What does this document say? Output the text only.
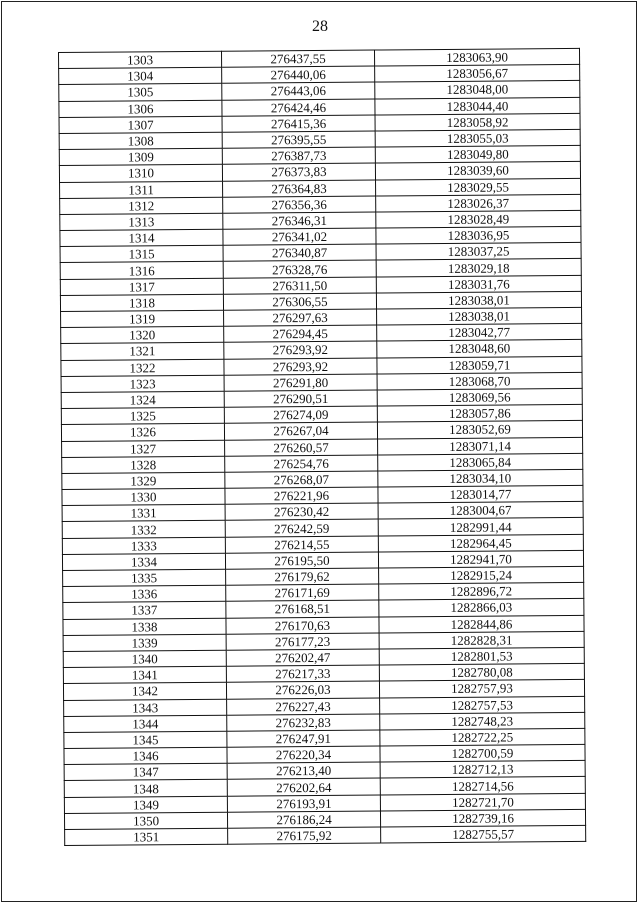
28
1303	276437,55	1283063,90
1304	276440,06	1283056,67
1305	276443,06	1283048,00
1306	276424,46	1283044,40
1307	276415,36	1283058,92
1308	276395,55	1283055,03
1309	276387,73	1283049,80
1310	276373,83	1283039,60
1311	276364,83	1283029,55
1312	276356,36	1283026,37
1313	276346,31	1283028,49
1314	276341,02	1283036,95
1315	276340,87	1283037,25
1316	276328,76	1283029,18
1317	276311,50	1283031,76
1318	276306,55	1283038,01
1319	276297,63	1283038,01
1320	276294,45	1283042,77
1321	276293,92	1283048,60
1322	276293,92	1283059,71
1323	276291,80	1283068,70
1324	276290,51	1283069,56
1325	276274,09	1283057,86
1326	276267,04	1283052,69
1327	276260,57	1283071,14
1328	276254,76	1283065,84
1329	276268,07	1283034,10
1330	276221,96	1283014,77
1331	276230,42	1283004,67
1332	276242,59	1282991,44
1333	276214,55	1282964,45
1334	276195,50	1282941,70
1335	276179,62	1282915,24
1336	276171,69	1282896,72
1337	276168,51	1282866,03
1338	276170,63	1282844,86
1339	276177,23	1282828,31
1340	276202,47	1282801,53
1341	276217,33	1282780,08
1342	276226,03	1282757,93
1343	276227,43	1282757,53
1344	276232,83	1282748,23
1345	276247,91	1282722,25
1346	276220,34	1282700,59
1347	276213,40	1282712,13
1348	276202,64	1282714,56
1349	276193,91	1282721,70
1350	276186,24	1282739,16
1351	276175,92	1282755,57
